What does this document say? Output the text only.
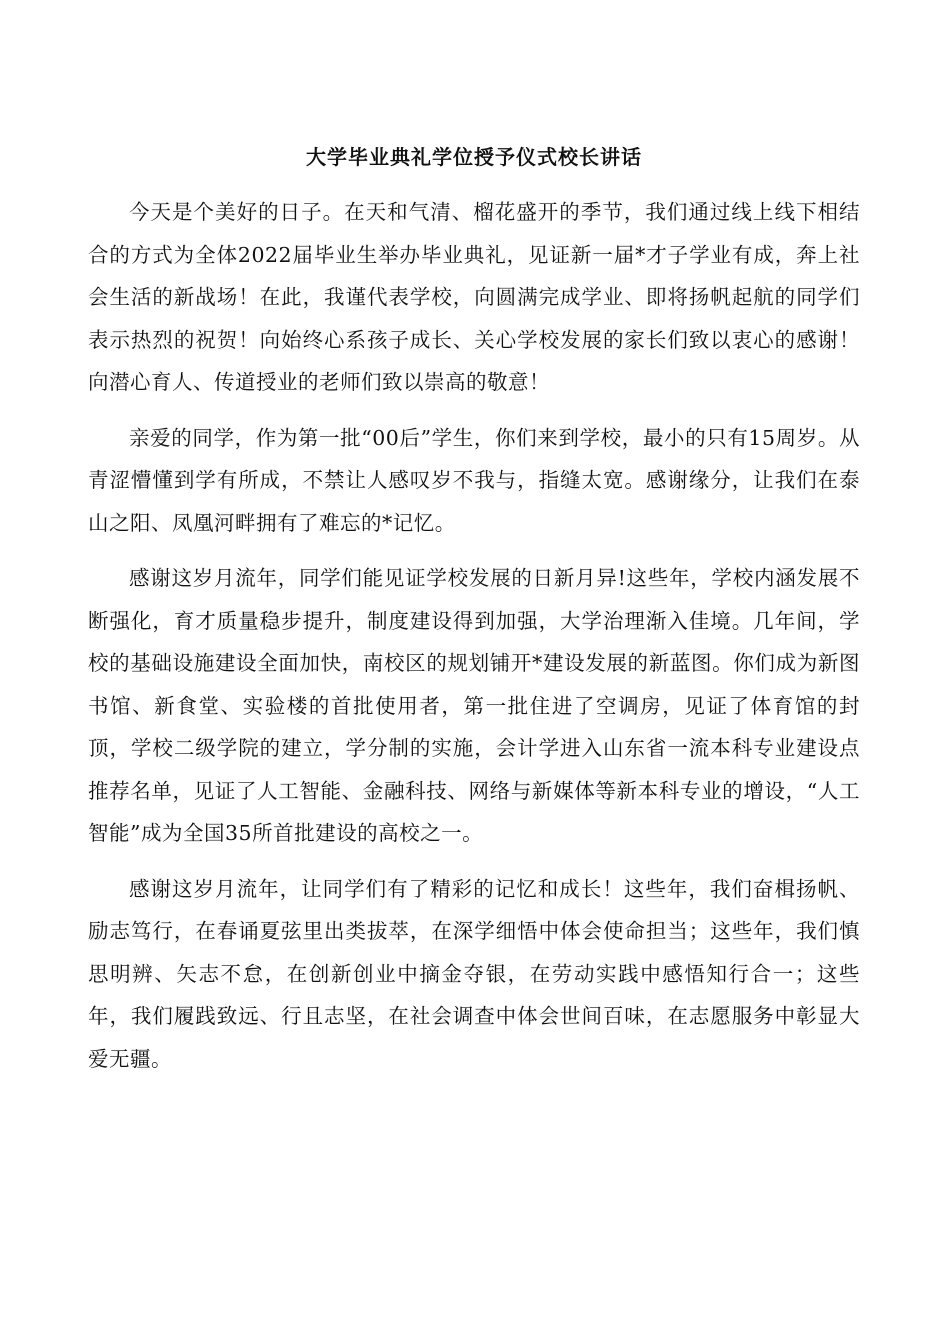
大学毕业典礼学位授予仪式校长讲话

今天是个美好的日子。在天和气清、榴花盛开的季节，我们通过线上线下相结合的方式为全体2022届毕业生举办毕业典礼，见证新一届*才子学业有成，奔上社会生活的新战场！在此，我谨代表学校，向圆满完成学业、即将扬帆起航的同学们表示热烈的祝贺！向始终心系孩子成长、关心学校发展的家长们致以衷心的感谢！向潜心育人、传道授业的老师们致以崇高的敬意！

亲爱的同学，作为第一批“00后”学生，你们来到学校，最小的只有15周岁。从青涩懵懂到学有所成，不禁让人感叹岁不我与，指缝太宽。感谢缘分，让我们在泰山之阳、凤凰河畔拥有了难忘的*记忆。

感谢这岁月流年，同学们能见证学校发展的日新月异!这些年，学校内涵发展不断强化，育才质量稳步提升，制度建设得到加强，大学治理渐入佳境。几年间，学校的基础设施建设全面加快，南校区的规划铺开*建设发展的新蓝图。你们成为新图书馆、新食堂、实验楼的首批使用者，第一批住进了空调房，见证了体育馆的封顶，学校二级学院的建立，学分制的实施，会计学进入山东省一流本科专业建设点推荐名单，见证了人工智能、金融科技、网络与新媒体等新本科专业的增设，“人工智能”成为全国35所首批建设的高校之一。

感谢这岁月流年，让同学们有了精彩的记忆和成长！这些年，我们奋楫扬帆、励志笃行，在春诵夏弦里出类拔萃，在深学细悟中体会使命担当；这些年，我们慎思明辨、矢志不怠，在创新创业中摘金夺银，在劳动实践中感悟知行合一；这些年，我们履践致远、行且志坚，在社会调查中体会世间百味，在志愿服务中彰显大爱无疆。
